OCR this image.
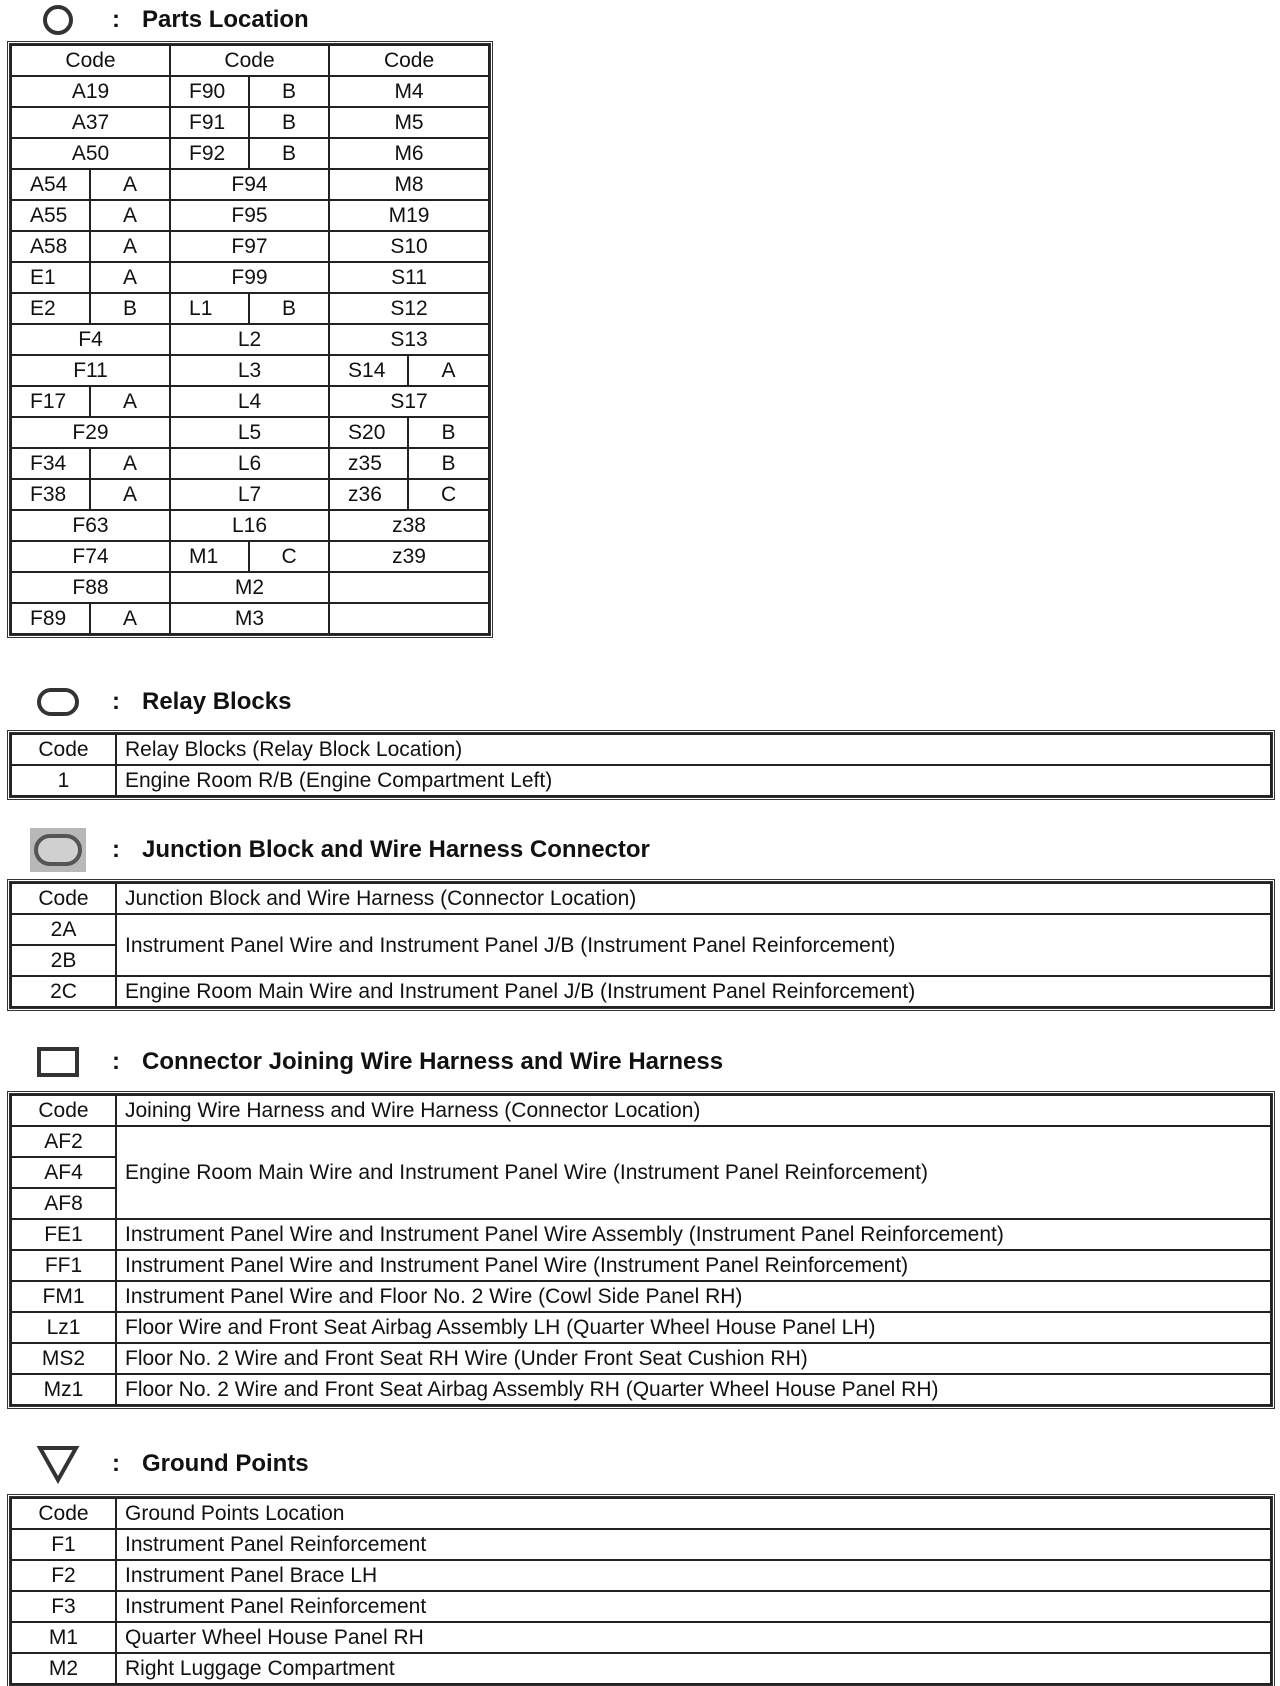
: Parts Location
Code		Code		Code	
A19		F90	B	M4	
A37		F91	B	M5	
A50		F92	B	M6	
A54	A	F94		M8	
A55	A	F95		M19	
A58	A	F97		S10	
E1	A	F99		S11	
E2	B	L1	B	S12	
F4		L2		S13	
F11		L3		S14	A
F17	A	L4		S17	
F29		L5		S20	B
F34	A	L6		z35	B
F38	A	L7		z36	C
F63		L16		z38	
F74		M1	C	z39	
F88		M2			
F89	A	M3			
: Relay Blocks
Code	Relay Blocks (Relay Block Location)
1	Engine Room R/B (Engine Compartment Left)
: Junction Block and Wire Harness Connector
Code	Junction Block and Wire Harness (Connector Location)
2A	Instrument Panel Wire and Instrument Panel J/B (Instrument Panel Reinforcement)
2B	
2C	Engine Room Main Wire and Instrument Panel J/B (Instrument Panel Reinforcement)
: Connector Joining Wire Harness and Wire Harness
Code	Joining Wire Harness and Wire Harness (Connector Location)
AF2	Engine Room Main Wire and Instrument Panel Wire (Instrument Panel Reinforcement)
AF4	
AF8	
FE1	Instrument Panel Wire and Instrument Panel Wire Assembly (Instrument Panel Reinforcement)
FF1	Instrument Panel Wire and Instrument Panel Wire (Instrument Panel Reinforcement)
FM1	Instrument Panel Wire and Floor No. 2 Wire (Cowl Side Panel RH)
Lz1	Floor Wire and Front Seat Airbag Assembly LH (Quarter Wheel House Panel LH)
MS2	Floor No. 2 Wire and Front Seat RH Wire (Under Front Seat Cushion RH)
Mz1	Floor No. 2 Wire and Front Seat Airbag Assembly RH (Quarter Wheel House Panel RH)
: Ground Points
Code	Ground Points Location
F1	Instrument Panel Reinforcement
F2	Instrument Panel Brace LH
F3	Instrument Panel Reinforcement
M1	Quarter Wheel House Panel RH
M2	Right Luggage Compartment
